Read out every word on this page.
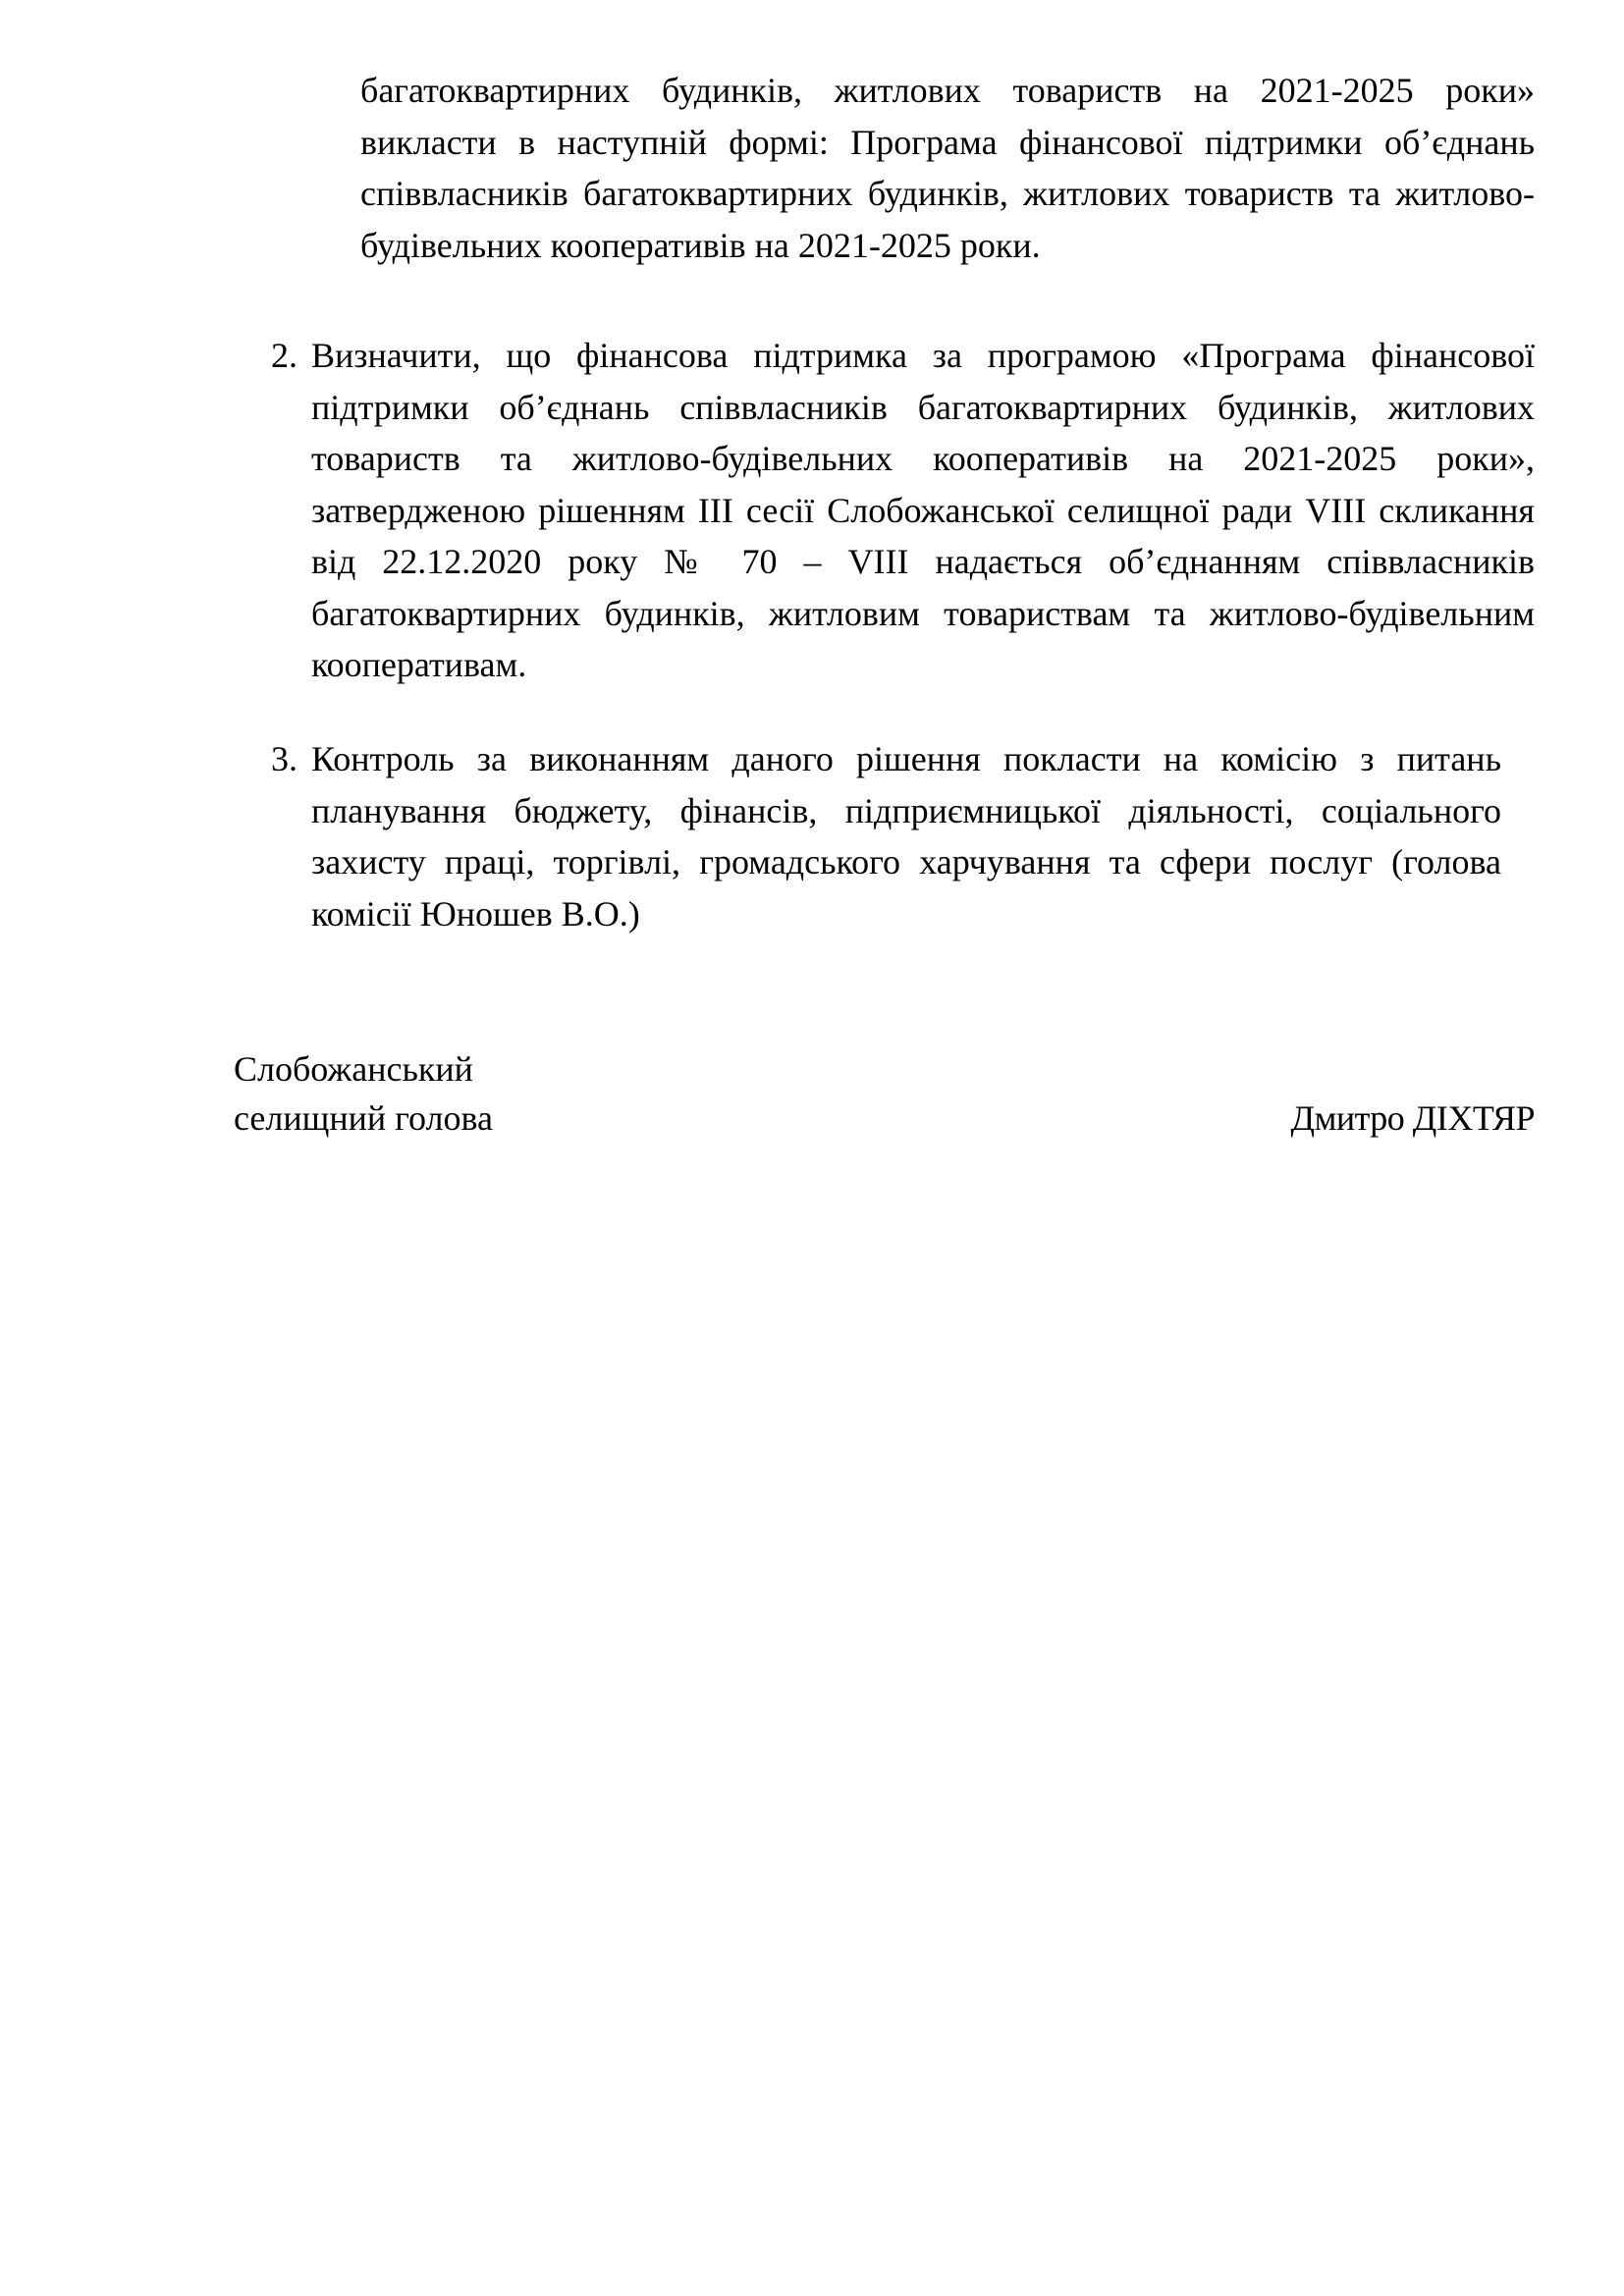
багатоквартирних будинків, житлових товариств на 2021-2025 роки» викласти в наступній формі: Програма фінансової підтримки об’єднань співвласників багатоквартирних будинків, житлових товариств та житлово-будівельних кооперативів на 2021-2025 роки.

2. Визначити, що фінансова підтримка за програмою «Програма фінансової підтримки об’єднань співвласників багатоквартирних будинків, житлових товариств та житлово-будівельних кооперативів на 2021-2025 роки», затвердженою рішенням ІІІ сесії Слобожанської селищної ради VIII скликання від 22.12.2020 року № 70 – VIII надається об’єднанням співвласників багатоквартирних будинків, житловим товариствам та житлово-будівельним кооперативам.

3. Контроль за виконанням даного рішення покласти на комісію з питань планування бюджету, фінансів, підприємницької діяльності, соціального захисту праці, торгівлі, громадського харчування та сфери послуг (голова комісії Юношев В.О.)

Слобожанський
селищний голова	Дмитро ДІХТЯР
